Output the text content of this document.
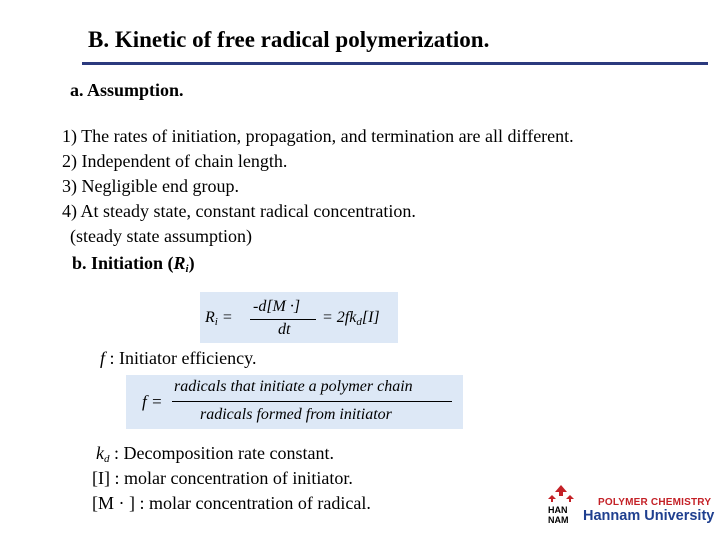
B. Kinetic of free radical polymerization.
a. Assumption.
1) The rates of initiation, propagation, and termination are all different.
2) Independent of chain length.
3) Negligible end group.
4) At steady state, constant radical concentration.
(steady state assumption)
b. Initiation $(R_i)$
$R_i$ =
-d[M ·]
dt
= $2fk_d[I]$
f : Initiator efficiency.
f =
radicals that initiate a polymer chain
radicals formed from initiator
$k_d$ : Decomposition rate constant.
[I] : molar concentration of initiator.
[M · ] : molar concentration of radical.	HAN
NAM
POLYMER CHEMISTRY
Hannam University
